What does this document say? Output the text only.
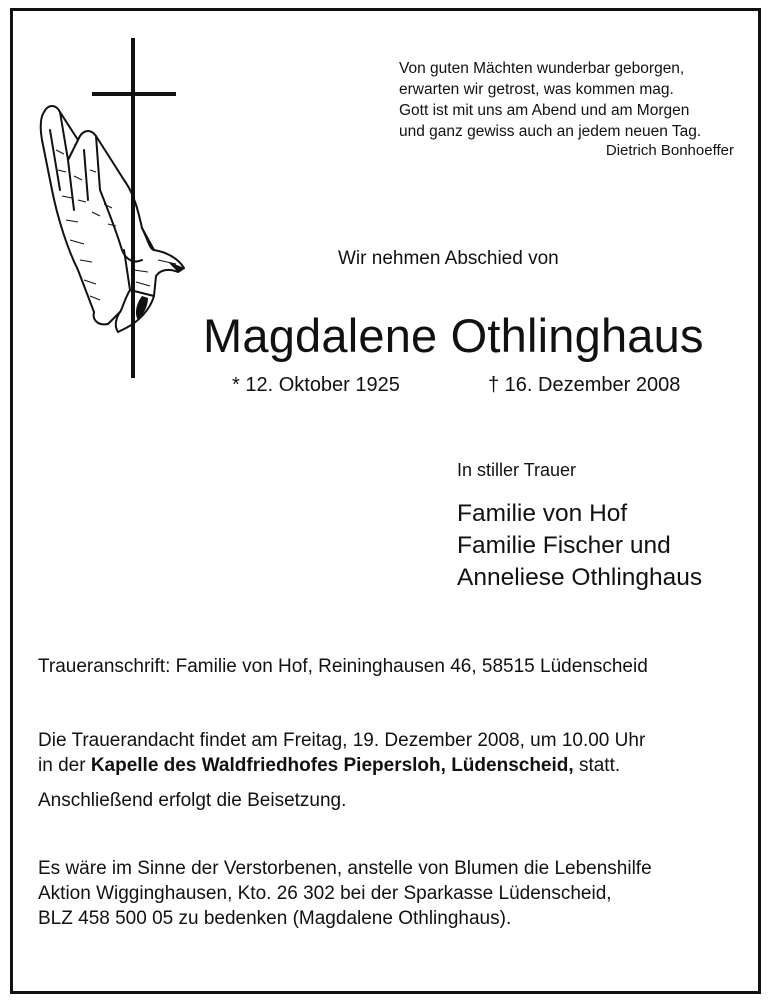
Von guten Mächten wunderbar geborgen,
erwarten wir getrost, was kommen mag.
Gott ist mit uns am Abend und am Morgen
und ganz gewiss auch an jedem neuen Tag.
Dietrich Bonhoeffer
Wir nehmen Abschied von
Magdalene Othlinghaus
* 12. Oktober 1925	† 16. Dezember 2008
In stiller Trauer
Familie von Hof
Familie Fischer und
Anneliese Othlinghaus
Traueranschrift: Familie von Hof, Reininghausen 46, 58515 Lüdenscheid
Die Trauerandacht findet am Freitag, 19. Dezember 2008, um 10.00 Uhr
in der Kapelle des Waldfriedhofes Piepersloh, Lüdenscheid, statt.
Anschließend erfolgt die Beisetzung.
Es wäre im Sinne der Verstorbenen, anstelle von Blumen die Lebenshilfe
Aktion Wigginghausen, Kto. 26 302 bei der Sparkasse Lüdenscheid,
BLZ 458 500 05 zu bedenken (Magdalene Othlinghaus).
